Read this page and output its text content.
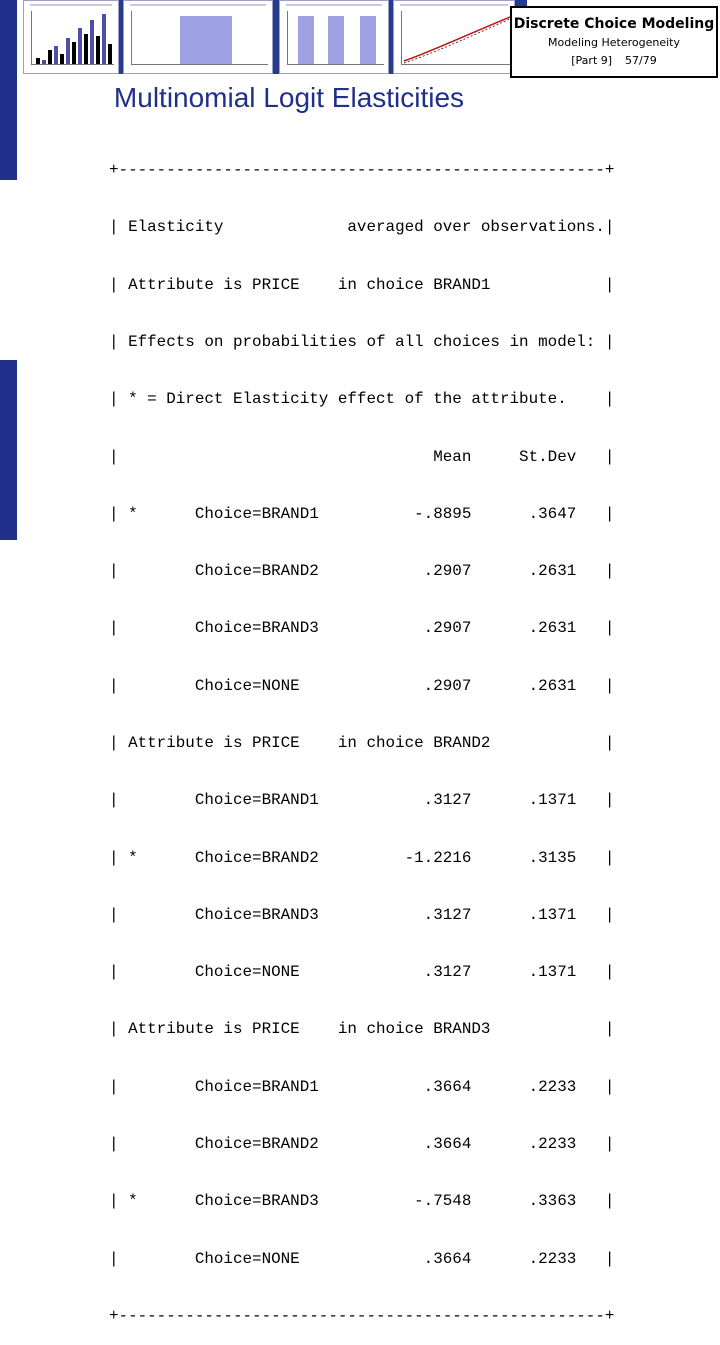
Discrete Choice Modeling
Modeling Heterogeneity
[Part 9] 57/79
Multinomial Logit Elasticities

+---------------------------------------------------+

| Elasticity             averaged over observations.|

| Attribute is PRICE    in choice BRAND1            |

| Effects on probabilities of all choices in model: |

| * = Direct Elasticity effect of the attribute.    |

|                                 Mean     St.Dev   |

| *      Choice=BRAND1          -.8895      .3647   |

|        Choice=BRAND2           .2907      .2631   |

|        Choice=BRAND3           .2907      .2631   |

|        Choice=NONE             .2907      .2631   |

| Attribute is PRICE    in choice BRAND2            |

|        Choice=BRAND1           .3127      .1371   |

| *      Choice=BRAND2         -1.2216      .3135   |

|        Choice=BRAND3           .3127      .1371   |

|        Choice=NONE             .3127      .1371   |

| Attribute is PRICE    in choice BRAND3            |

|        Choice=BRAND1           .3664      .2233   |

|        Choice=BRAND2           .3664      .2233   |

| *      Choice=BRAND3          -.7548      .3363   |

|        Choice=NONE             .3664      .2233   |

+---------------------------------------------------+
